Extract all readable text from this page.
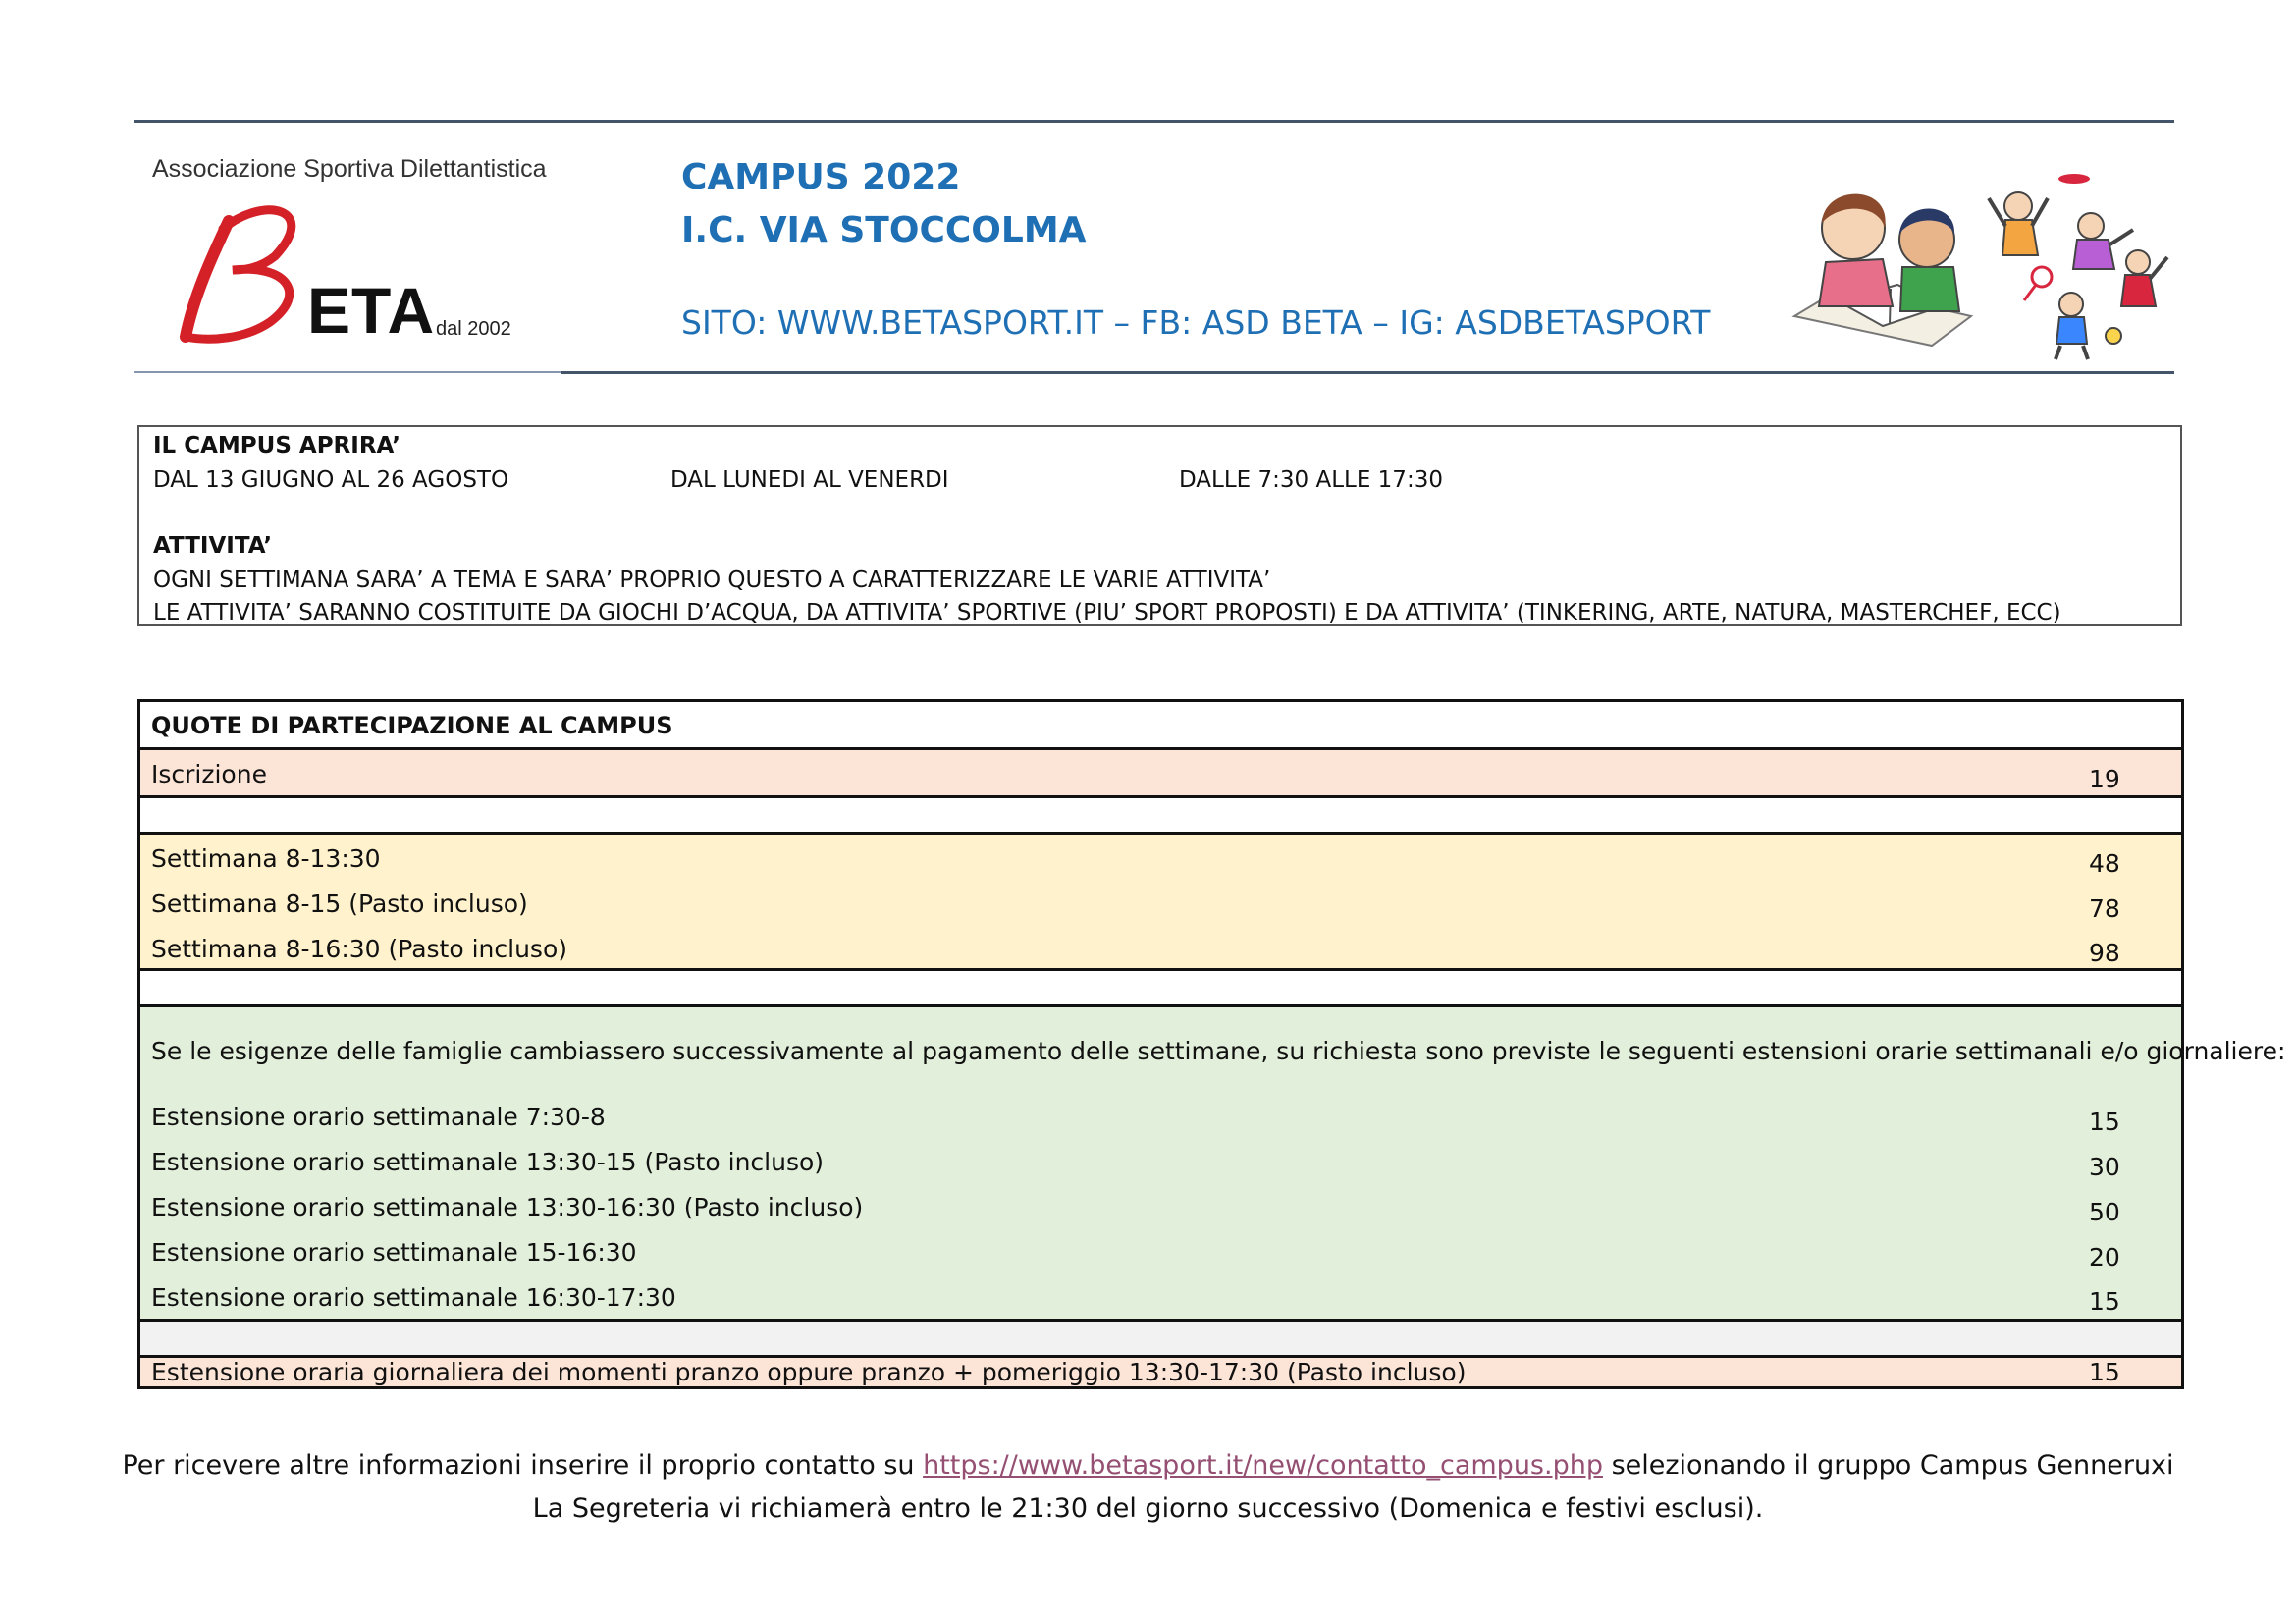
Associazione Sportiva Dilettantistica
ETA dal 2002
CAMPUS 2022
I.C. VIA STOCCOLMA
SITO: WWW.BETASPORT.IT – FB: ASD BETA – IG: ASDBETASPORT
IL CAMPUS APRIRA’
DAL 13 GIUGNO AL 26 AGOSTO	DAL LUNEDI AL VENERDI	DALLE 7:30 ALLE 17:30
ATTIVITA’
OGNI SETTIMANA SARA’ A TEMA E SARA’ PROPRIO QUESTO A CARATTERIZZARE LE VARIE ATTIVITA’
LE ATTIVITA’ SARANNO COSTITUITE DA GIOCHI D’ACQUA, DA ATTIVITA’ SPORTIVE (PIU’ SPORT PROPOSTI) E DA ATTIVITA’ (TINKERING, ARTE, NATURA, MASTERCHEF, ECC)
QUOTE DI PARTECIPAZIONE AL CAMPUS
Iscrizione	19
Settimana 8-13:30	48
Settimana 8-15 (Pasto incluso)	78
Settimana 8-16:30 (Pasto incluso)	98
Se le esigenze delle famiglie cambiassero successivamente al pagamento delle settimane, su richiesta sono previste le seguenti estensioni orarie settimanali e/o giornaliere:
Estensione orario settimanale 7:30-8	15
Estensione orario settimanale 13:30-15 (Pasto incluso)	30
Estensione orario settimanale 13:30-16:30 (Pasto incluso)	50
Estensione orario settimanale 15-16:30	20
Estensione orario settimanale 16:30-17:30	15
Estensione oraria giornaliera dei momenti pranzo oppure pranzo + pomeriggio 13:30-17:30 (Pasto incluso)	15
Per ricevere altre informazioni inserire il proprio contatto su https://www.betasport.it/new/contatto_campus.php selezionando il gruppo Campus Genneruxi
La Segreteria vi richiamerà entro le 21:30 del giorno successivo (Domenica e festivi esclusi).
